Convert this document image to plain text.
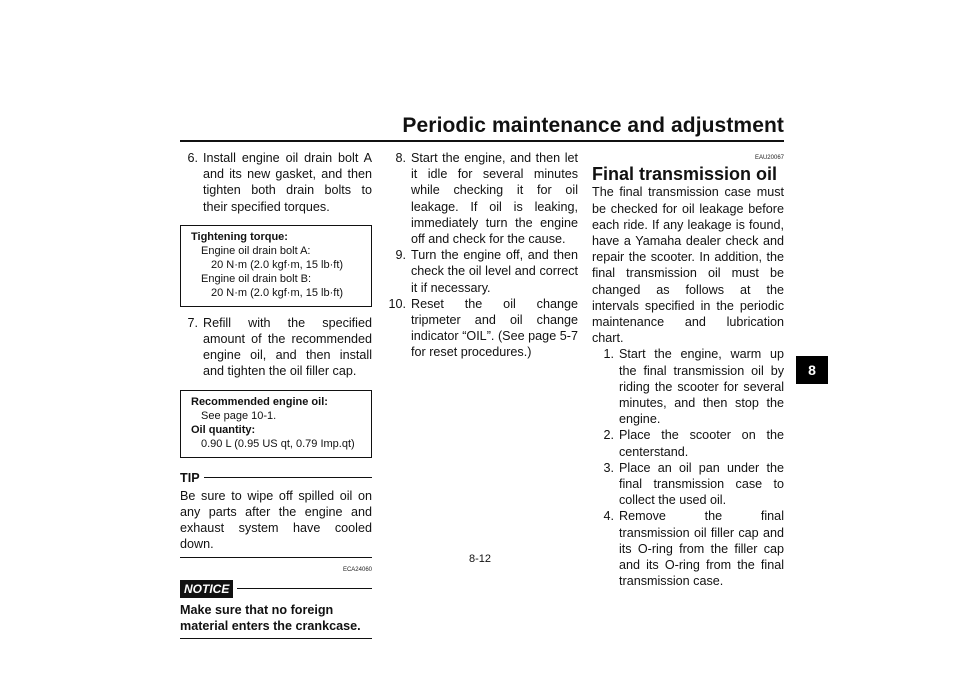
Periodic maintenance and adjustment
8
6. Install engine oil drain bolt A and its new gasket, and then tighten both drain bolts to their specified torques.
Tightening torque:
Engine oil drain bolt A:
20 N·m (2.0 kgf·m, 15 lb·ft)
Engine oil drain bolt B:
20 N·m (2.0 kgf·m, 15 lb·ft)
7. Refill with the specified amount of the recommended engine oil, and then install and tighten the oil filler cap.
Recommended engine oil:
See page 10-1.
Oil quantity:
0.90 L (0.95 US qt, 0.79 Imp.qt)
TIP
Be sure to wipe off spilled oil on any parts after the engine and exhaust system have cooled down.
ECA24060
NOTICE
Make sure that no foreign material enters the crankcase.
8. Start the engine, and then let it idle for several minutes while checking it for oil leakage. If oil is leaking, immediately turn the engine off and check for the cause.
9. Turn the engine off, and then check the oil level and correct it if necessary.
10. Reset the oil change tripmeter and oil change indicator “OIL”. (See page 5-7 for reset procedures.)
EAU20067
Final transmission oil
The final transmission case must be checked for oil leakage before each ride. If any leakage is found, have a Yamaha dealer check and repair the scooter. In addition, the final transmission oil must be changed as follows at the intervals specified in the periodic maintenance and lubrication chart.
1. Start the engine, warm up the final transmission oil by riding the scooter for several minutes, and then stop the engine.
2. Place the scooter on the centerstand.
3. Place an oil pan under the final transmission case to collect the used oil.
4. Remove the final transmission oil filler cap and its O-ring from the filler cap and its O-ring from the final transmission case.
8-12
